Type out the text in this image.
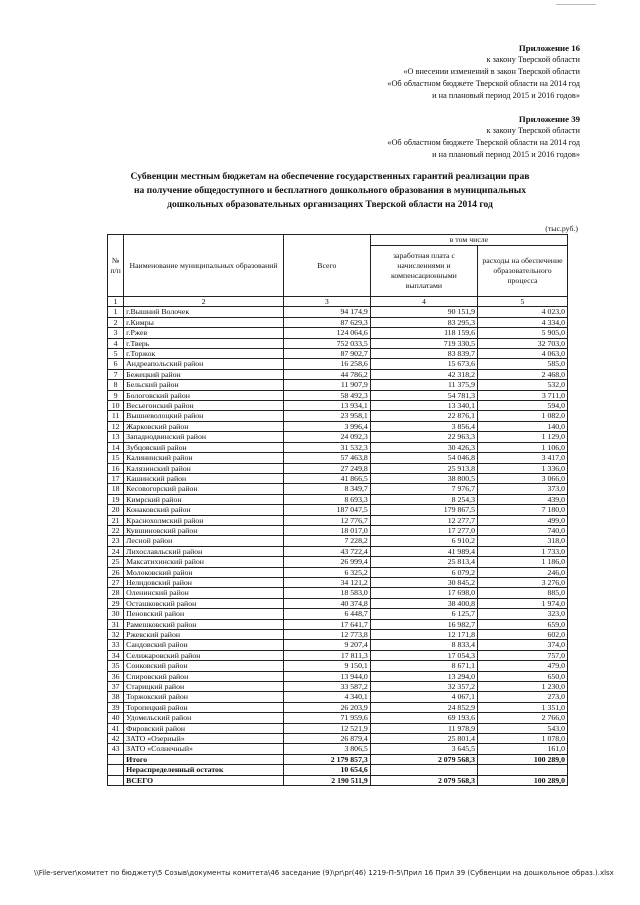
Приложение 16
к закону Тверской области
«О внесении изменений в закон Тверской области
«Об областном бюджете Тверской области на 2014 год
и на плановый период 2015 и 2016 годов»
Приложение 39
к закону Тверской области
«Об областном бюджете Тверской области на 2014 год
и на плановый период 2015 и 2016 годов»
Субвенции местным бюджетам на обеспечение государственных гарантий реализации прав
на получение общедоступного и бесплатного дошкольного образования в муниципальных
дошкольных образовательных организациях Тверской области на 2014 год
(тыс.руб.)
№ п/п	Наименование муниципальных образований	Всего	в том числе	
			заработная плата с начислениями и компенсационными выплатами	расходы на обеспечение образовательного процесса
1	2	3	4	5
1	г.Вышний Волочек	94 174,9	90 151,9	4 023,0
2	г.Кимры	87 629,3	83 295,3	4 334,0
3	г.Ржев	124 064,6	118 159,6	5 905,0
4	г.Тверь	752 033,5	719 330,5	32 703,0
5	г.Торжок	87 902,7	83 839,7	4 063,0
6	Андреапольский район	16 258,6	15 673,6	585,0
7	Бежецкий район	44 786,2	42 318,2	2 468,0
8	Бельский район	11 907,9	11 375,9	532,0
9	Бологовский район	58 492,3	54 781,3	3 711,0
10	Весьегонский район	13 934,1	13 340,1	594,0
11	Вышневолоцкий район	23 958,1	22 876,1	1 082,0
12	Жарковский район	3 996,4	3 856,4	140,0
13	Западнодвинский район	24 092,3	22 963,3	1 129,0
14	Зубцовский район	31 532,3	30 426,3	1 106,0
15	Калининский район	57 463,8	54 046,8	3 417,0
16	Калязинский район	27 249,8	25 913,8	1 336,0
17	Кашинский район	41 866,5	38 800,5	3 066,0
18	Кесовогорский район	8 349,7	7 976,7	373,0
19	Кимрский район	8 693,3	8 254,3	439,0
20	Конаковский район	187 047,5	179 867,5	7 180,0
21	Краснохолмский район	12 776,7	12 277,7	499,0
22	Кувшиновский район	18 017,0	17 277,0	740,0
23	Лесной район	7 228,2	6 910,2	318,0
24	Лихославльский район	43 722,4	41 989,4	1 733,0
25	Максатихинский район	26 999,4	25 813,4	1 186,0
26	Молоковский район	6 325,2	6 079,2	246,0
27	Нелидовский район	34 121,2	30 845,2	3 276,0
28	Оленинский район	18 583,0	17 698,0	885,0
29	Осташковский район	40 374,8	38 400,8	1 974,0
30	Пеновский район	6 448,7	6 125,7	323,0
31	Рамешковский район	17 641,7	16 982,7	659,0
32	Ржевский район	12 773,8	12 171,8	602,0
33	Сандовский район	9 207,4	8 833,4	374,0
34	Селижаровский район	17 811,3	17 054,3	757,0
35	Сонковский район	9 150,1	8 671,1	479,0
36	Спировский район	13 944,0	13 294,0	650,0
37	Старицкий район	33 587,2	32 357,2	1 230,0
38	Торжокский район	4 340,1	4 067,1	273,0
39	Торопецкий район	26 203,9	24 852,9	1 351,0
40	Удомельский район	71 959,6	69 193,6	2 766,0
41	Фировский район	12 521,9	11 978,9	543,0
42	ЗАТО «Озерный»	26 879,4	25 801,4	1 078,0
43	ЗАТО «Солнечный»	3 806,5	3 645,5	161,0
	Итого	2 179 857,3	2 079 568,3	100 289,0
	Нераспределенный остаток	10 654,6		
	ВСЕГО	2 190 511,9	2 079 568,3	100 289,0
\\File-server\комитет по бюджету\5 Созыв\документы комитета\46 заседание (9)\pr\pr(46) 1219-П-5\Прил 16 Прил 39 (Субвенции на дошкольное образ.).xlsx
